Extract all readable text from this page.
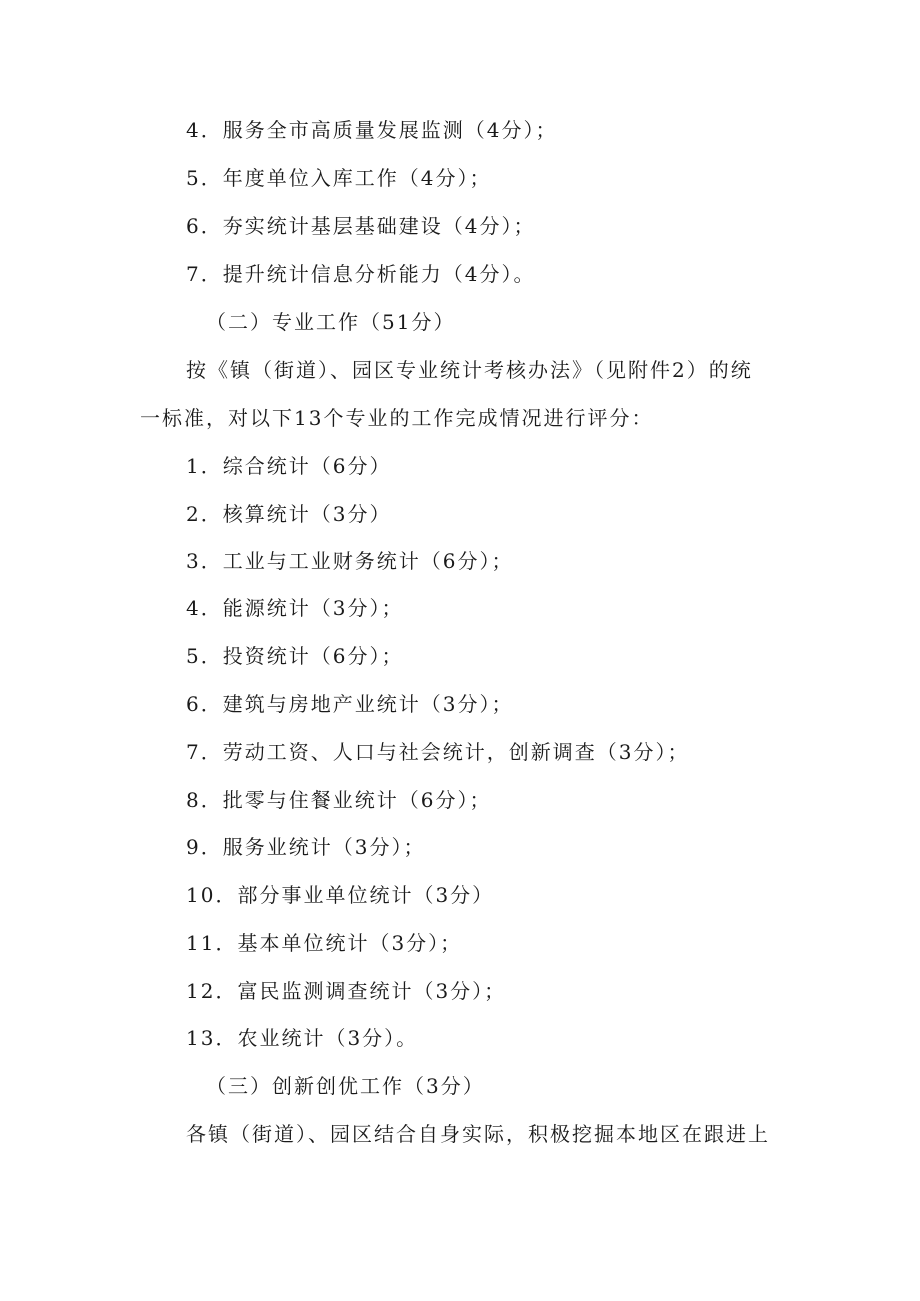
4．服务全市高质量发展监测（4分）；
5．年度单位入库工作（4分）；
6．夯实统计基层基础建设（4分）；
7．提升统计信息分析能力（4分）。
（二）专业工作（51分）
按《镇（街道）、园区专业统计考核办法》（见附件2）的统
一标准，对以下13个专业的工作完成情况进行评分：
1．综合统计（6分）
2．核算统计（3分）
3．工业与工业财务统计（6分）；
4．能源统计（3分）；
5．投资统计（6分）；
6．建筑与房地产业统计（3分）；
7．劳动工资、人口与社会统计，创新调查（3分）；
8．批零与住餐业统计（6分）；
9．服务业统计（3分）；
10．部分事业单位统计（3分）
11．基本单位统计（3分）；
12．富民监测调查统计（3分）；
13．农业统计（3分）。
（三）创新创优工作（3分）
各镇（街道）、园区结合自身实际，积极挖掘本地区在跟进上
